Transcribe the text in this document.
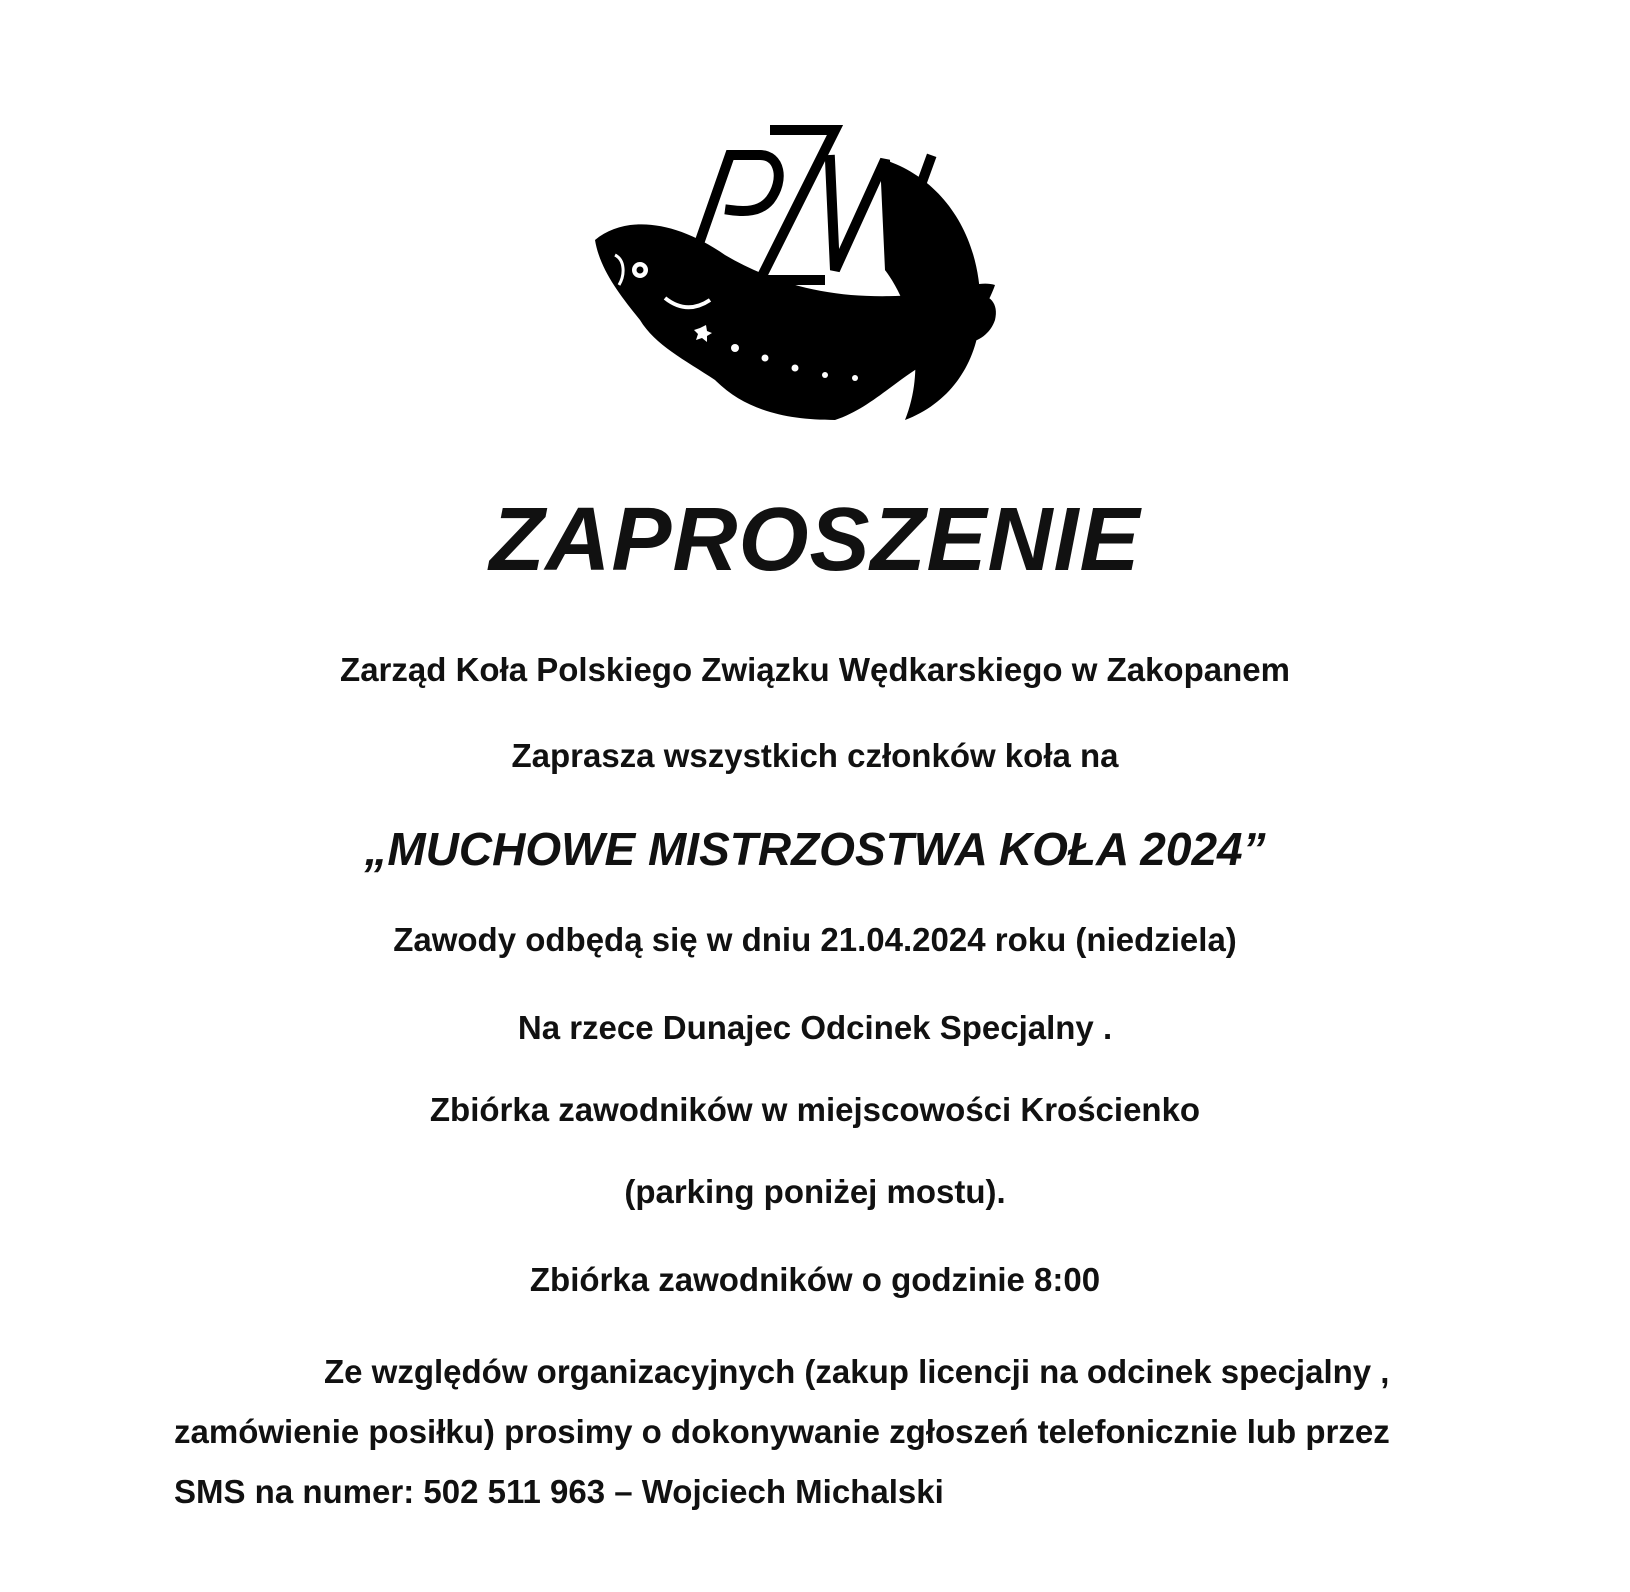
ZAPROSZENIE
Zarząd Koła Polskiego Związku Wędkarskiego w Zakopanem
Zaprasza wszystkich członków koła na
„MUCHOWE MISTRZOSTWA KOŁA 2024”
Zawody odbędą się w dniu 21.04.2024 roku (niedziela)
Na rzece Dunajec Odcinek Specjalny .
Zbiórka zawodników w miejscowości Krościenko
(parking poniżej mostu).
Zbiórka zawodników o godzinie 8:00
Ze względów organizacyjnych (zakup licencji na odcinek specjalny ,
zamówienie posiłku) prosimy o dokonywanie zgłoszeń telefonicznie lub przez
SMS na numer: 502 511 963 – Wojciech Michalski
